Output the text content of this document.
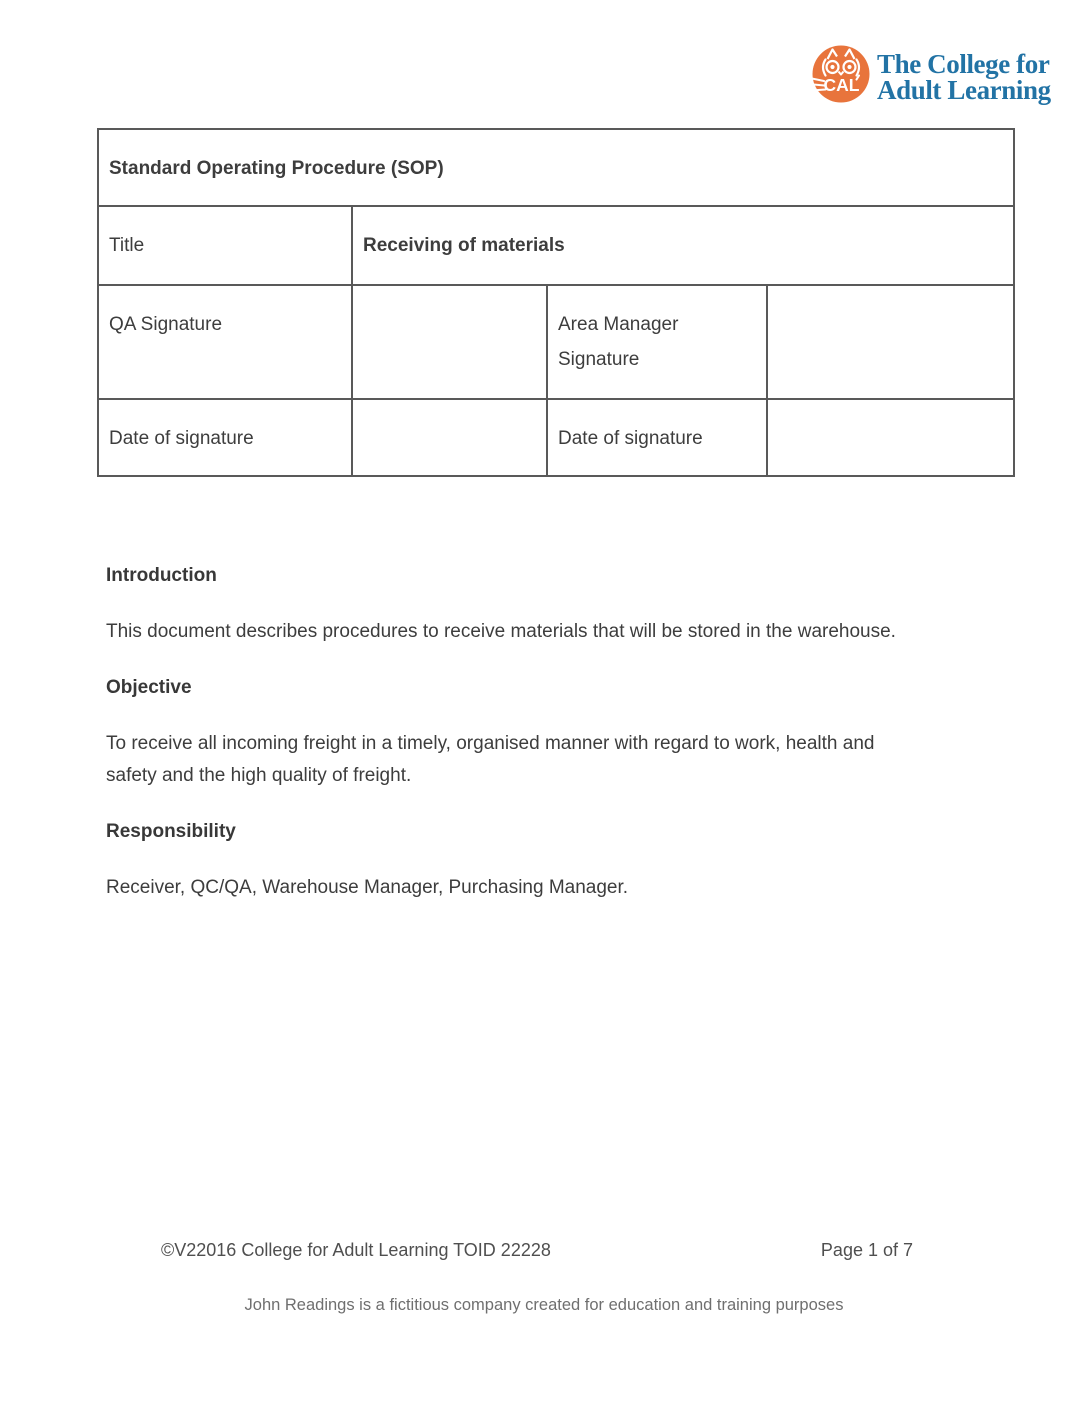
CAL
The College for
Adult Learning
Standard Operating Procedure (SOP)			
Title	Receiving of materials		
QA Signature		Area Manager Signature	
Date of signature		Date of signature	
Introduction

This document describes procedures to receive materials that will be stored in the warehouse.

Objective

To receive all incoming freight in a timely, organised manner with regard to work, health and safety and the high quality of freight.

Responsibility

Receiver, QC/QA, Warehouse Manager, Purchasing Manager.

©V22016 College for Adult Learning TOID 22228	Page 1 of 7
John Readings is a fictitious company created for education and training purposes
